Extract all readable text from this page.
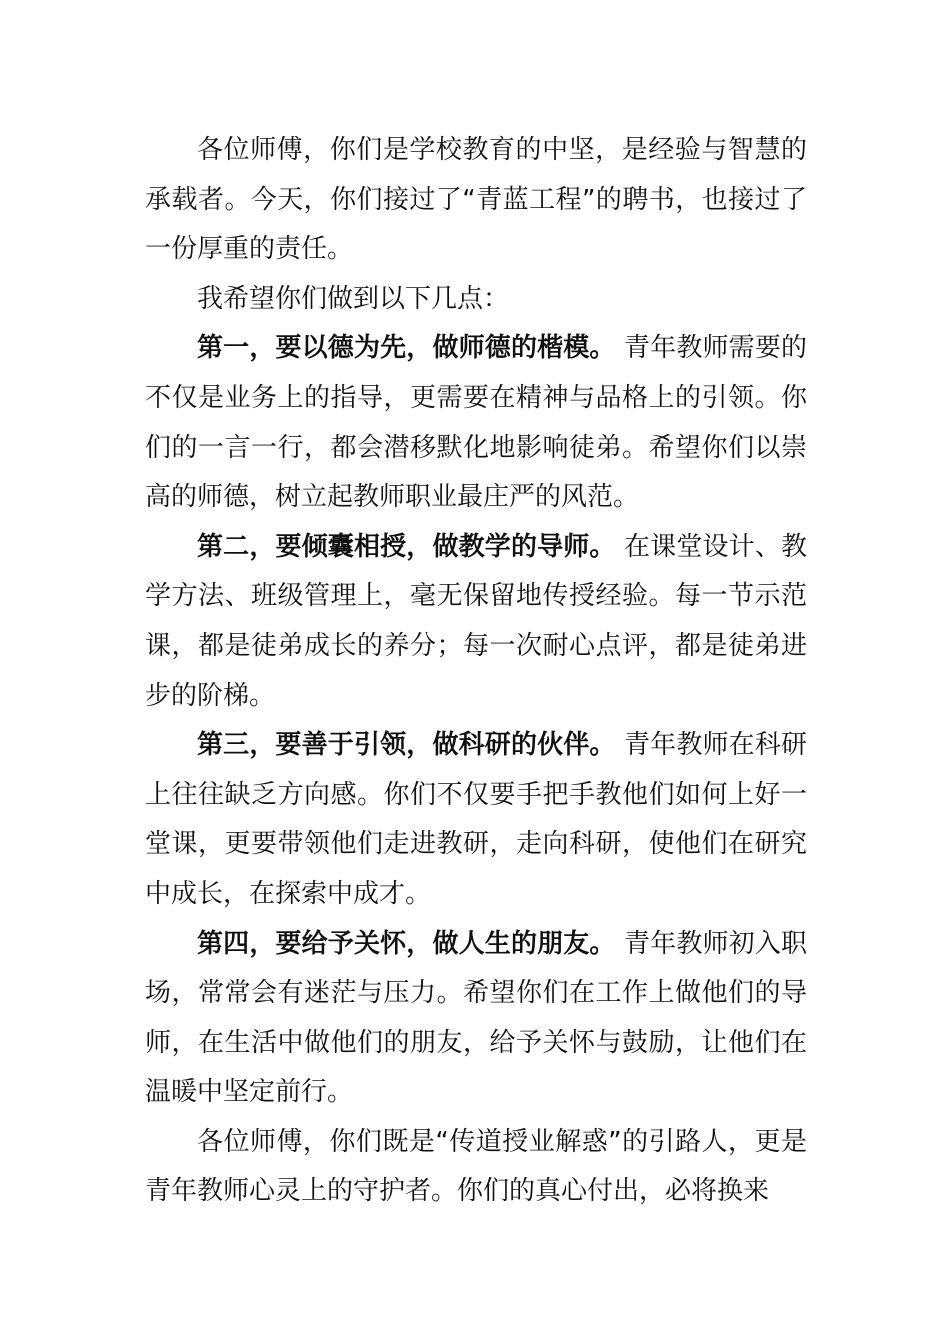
各位师傅，你们是学校教育的中坚，是经验与智慧的承载者。今天，你们接过了“青蓝工程”的聘书，也接过了一份厚重的责任。

我希望你们做到以下几点：

第一，要以德为先，做师德的楷模。 青年教师需要的不仅是业务上的指导，更需要在精神与品格上的引领。你们的一言一行，都会潜移默化地影响徒弟。希望你们以崇高的师德，树立起教师职业最庄严的风范。

第二，要倾囊相授，做教学的导师。 在课堂设计、教学方法、班级管理上，毫无保留地传授经验。每一节示范课，都是徒弟成长的养分；每一次耐心点评，都是徒弟进步的阶梯。

第三，要善于引领，做科研的伙伴。 青年教师在科研上往往缺乏方向感。你们不仅要手把手教他们如何上好一堂课，更要带领他们走进教研，走向科研，使他们在研究中成长，在探索中成才。

第四，要给予关怀，做人生的朋友。 青年教师初入职场，常常会有迷茫与压力。希望你们在工作上做他们的导师，在生活中做他们的朋友，给予关怀与鼓励，让他们在温暖中坚定前行。

各位师傅，你们既是“传道授业解惑”的引路人，更是青年教师心灵上的守护者。你们的真心付出，必将换来
